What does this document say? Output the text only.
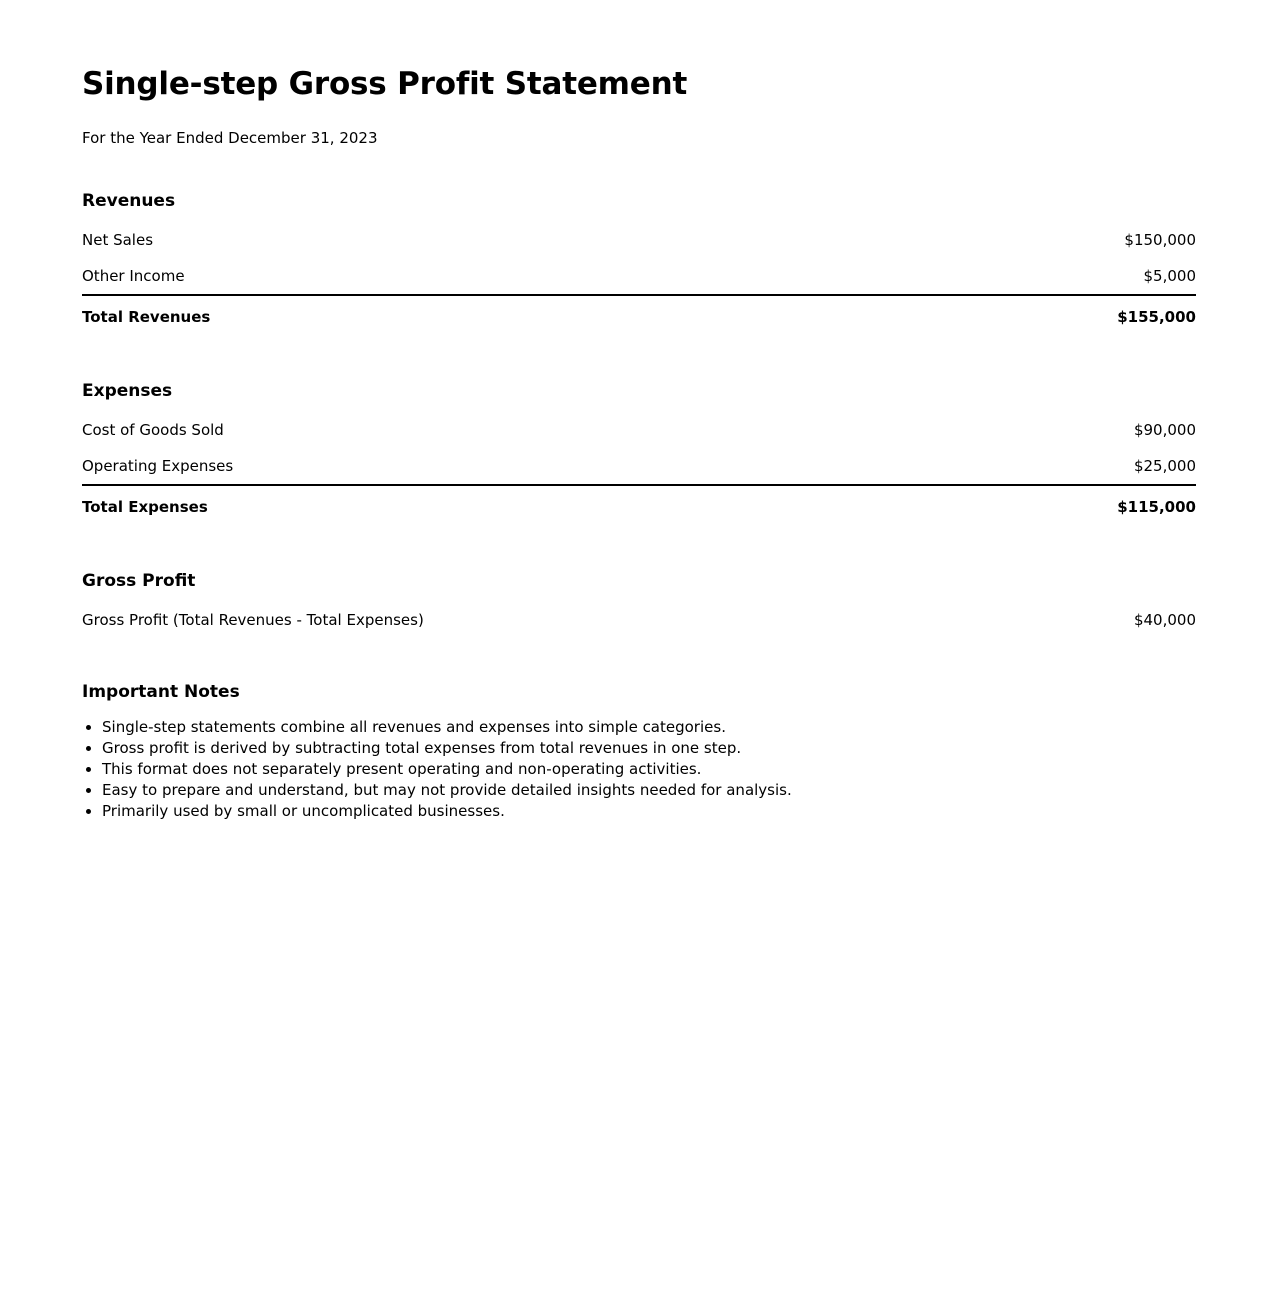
Single-step Gross Profit Statement

For the Year Ended December 31, 2023

Revenues
Net Sales	$150,000
Other Income	$5,000
Total Revenues	$155,000
Expenses
Cost of Goods Sold	$90,000
Operating Expenses	$25,000
Total Expenses	$115,000
Gross Profit
Gross Profit (Total Revenues - Total Expenses)	$40,000
Important Notes
• Single-step statements combine all revenues and expenses into simple categories.
• Gross profit is derived by subtracting total expenses from total revenues in one step.
• This format does not separately present operating and non-operating activities.
• Easy to prepare and understand, but may not provide detailed insights needed for analysis.
• Primarily used by small or uncomplicated businesses.
